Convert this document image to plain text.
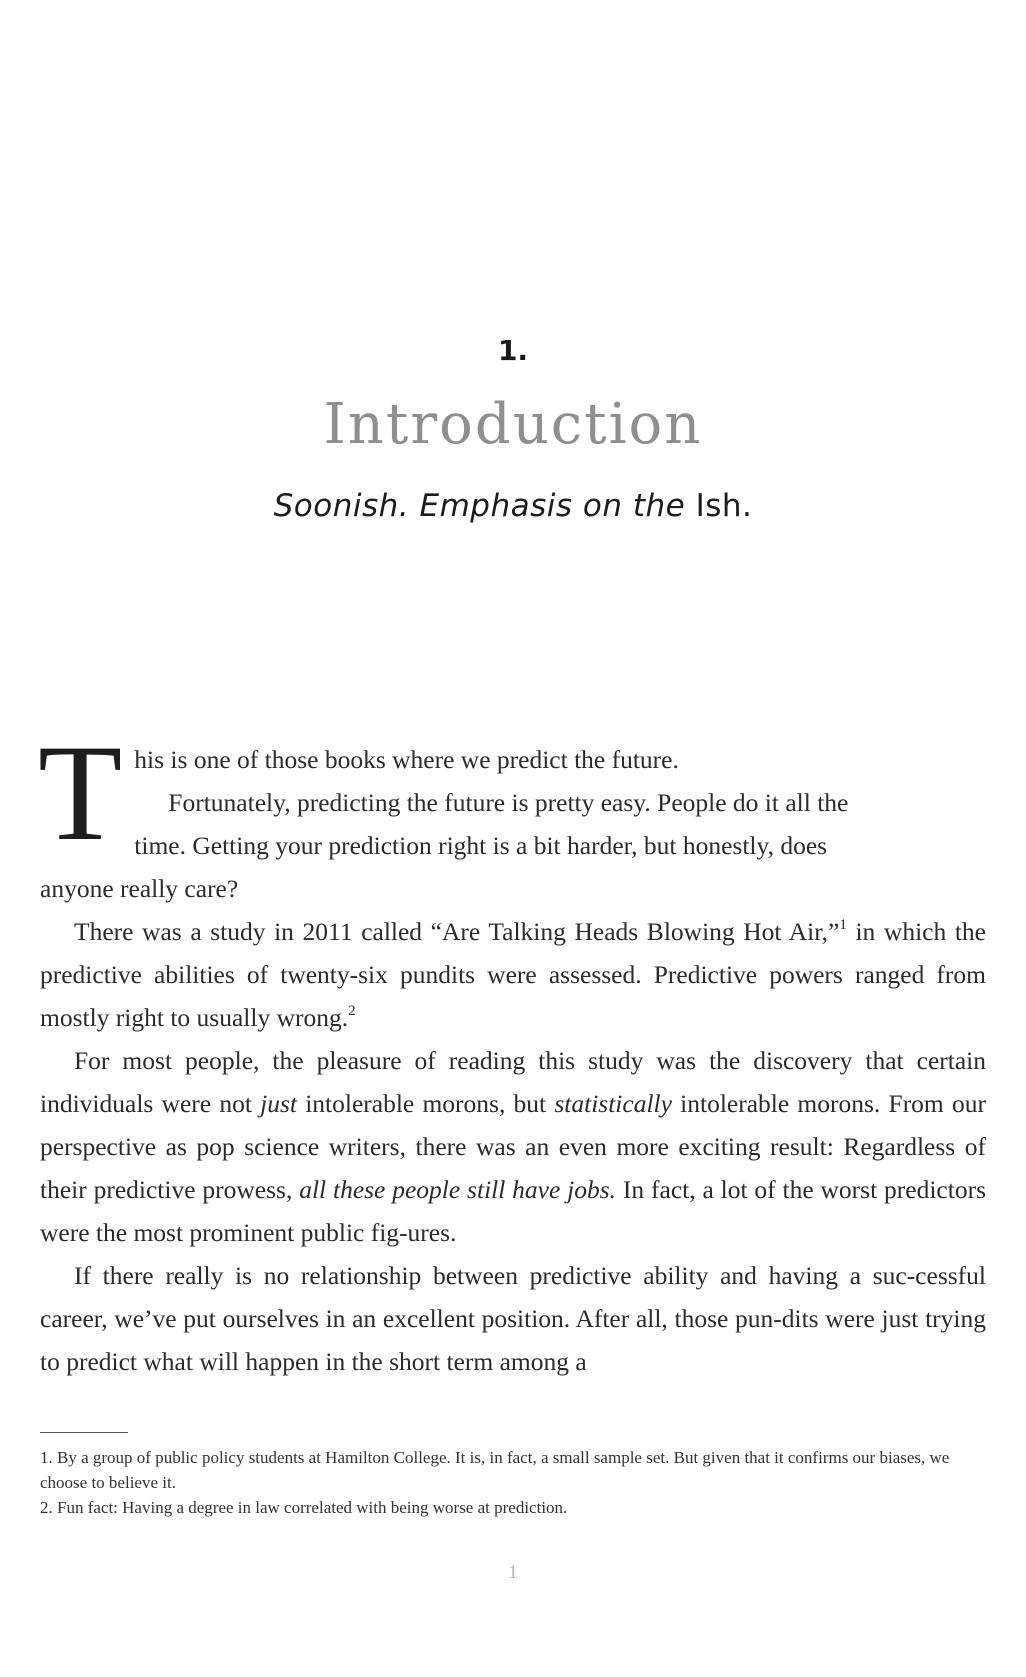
1.
Introduction
Soonish. Emphasis on the Ish.

This is one of those books where we predict the future.
Fortunately, predicting the future is pretty easy. People do it all the
time. Getting your prediction right is a bit harder, but honestly, does
anyone really care?

There was a study in 2011 called “Are Talking Heads Blowing Hot Air,”$^1$ in which the predictive abilities of twenty-six pundits were assessed. Predictive powers ranged from mostly right to usually wrong.$^2$

For most people, the pleasure of reading this study was the discovery that certain individuals were not just intolerable morons, but statistically intolerable morons. From our perspective as pop science writers, there was an even more exciting result: Regardless of their predictive prowess, all these people still have jobs. In fact, a lot of the worst predictors were the most prominent public fig-ures.

If there really is no relationship between predictive ability and having a suc-cessful career, we’ve put ourselves in an excellent position. After all, those pun-dits were just trying to predict what will happen in the short term among a

1. By a group of public policy students at Hamilton College. It is, in fact, a small sample set. But given that it confirms our biases, we choose to believe it.

2. Fun fact: Having a degree in law correlated with being worse at prediction.

1
